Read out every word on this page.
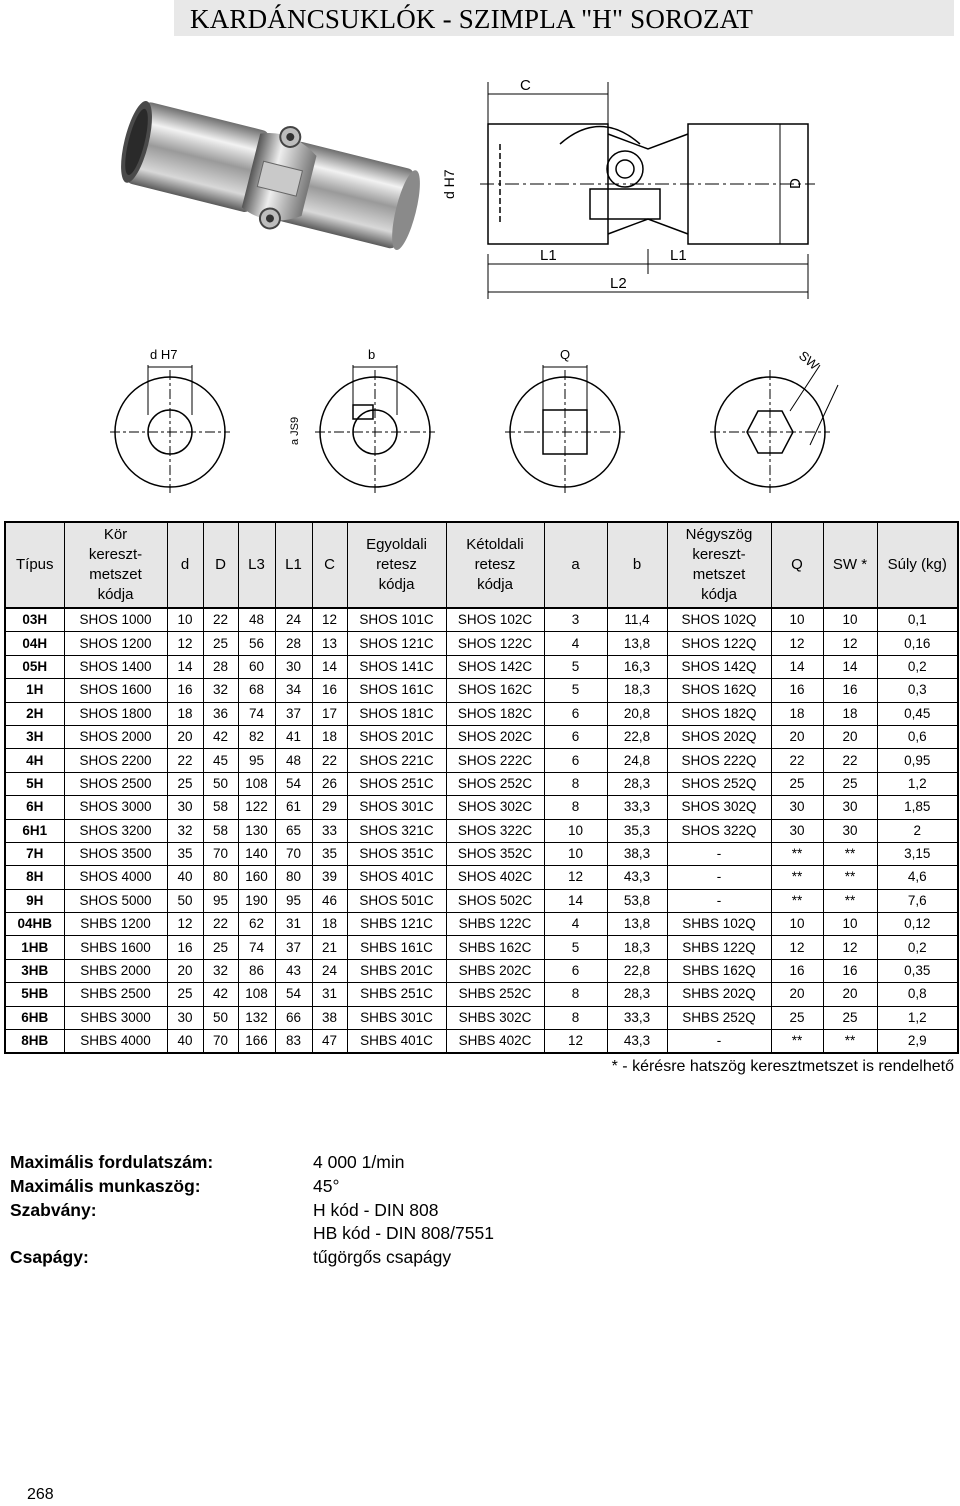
KARDÁNCSUKLÓK - SZIMPLA "H" SOROZAT
C
d H7	D
L1	L1
L2
d H7	b
a JS9
Q	SW
Típus	Kör
kereszt-
metszet
kódja	d	D	L3	L1	C	Egyoldali
retesz
kódja	Kétoldali
retesz
kódja	a	b	Négyszög
kereszt-
metszet
kódja	Q	SW *	Súly (kg)
03H	SHOS 1000	10	22	48	24	12	SHOS 101C	SHOS 102C	3	11,4	SHOS 102Q	10	10	0,1
04H	SHOS 1200	12	25	56	28	13	SHOS 121C	SHOS 122C	4	13,8	SHOS 122Q	12	12	0,16
05H	SHOS 1400	14	28	60	30	14	SHOS 141C	SHOS 142C	5	16,3	SHOS 142Q	14	14	0,2
1H	SHOS 1600	16	32	68	34	16	SHOS 161C	SHOS 162C	5	18,3	SHOS 162Q	16	16	0,3
2H	SHOS 1800	18	36	74	37	17	SHOS 181C	SHOS 182C	6	20,8	SHOS 182Q	18	18	0,45
3H	SHOS 2000	20	42	82	41	18	SHOS 201C	SHOS 202C	6	22,8	SHOS 202Q	20	20	0,6
4H	SHOS 2200	22	45	95	48	22	SHOS 221C	SHOS 222C	6	24,8	SHOS 222Q	22	22	0,95
5H	SHOS 2500	25	50	108	54	26	SHOS 251C	SHOS 252C	8	28,3	SHOS 252Q	25	25	1,2
6H	SHOS 3000	30	58	122	61	29	SHOS 301C	SHOS 302C	8	33,3	SHOS 302Q	30	30	1,85
6H1	SHOS 3200	32	58	130	65	33	SHOS 321C	SHOS 322C	10	35,3	SHOS 322Q	30	30	2
7H	SHOS 3500	35	70	140	70	35	SHOS 351C	SHOS 352C	10	38,3	-	**	**	3,15
8H	SHOS 4000	40	80	160	80	39	SHOS 401C	SHOS 402C	12	43,3	-	**	**	4,6
9H	SHOS 5000	50	95	190	95	46	SHOS 501C	SHOS 502C	14	53,8	-	**	**	7,6
04HB	SHBS 1200	12	22	62	31	18	SHBS 121C	SHBS 122C	4	13,8	SHBS 102Q	10	10	0,12
1HB	SHBS 1600	16	25	74	37	21	SHBS 161C	SHBS 162C	5	18,3	SHBS 122Q	12	12	0,2
3HB	SHBS 2000	20	32	86	43	24	SHBS 201C	SHBS 202C	6	22,8	SHBS 162Q	16	16	0,35
5HB	SHBS 2500	25	42	108	54	31	SHBS 251C	SHBS 252C	8	28,3	SHBS 202Q	20	20	0,8
6HB	SHBS 3000	30	50	132	66	38	SHBS 301C	SHBS 302C	8	33,3	SHBS 252Q	25	25	1,2
8HB	SHBS 4000	40	70	166	83	47	SHBS 401C	SHBS 402C	12	43,3	-	**	**	2,9
* - kérésre hatszög keresztmetszet is rendelhető
Maximális fordulatszám:	4 000 1/min
Maximális munkaszög:	45°
Szabvány:	H kód - DIN 808
HB kód - DIN 808/7551
Csapágy:	tűgörgős csapágy
268
